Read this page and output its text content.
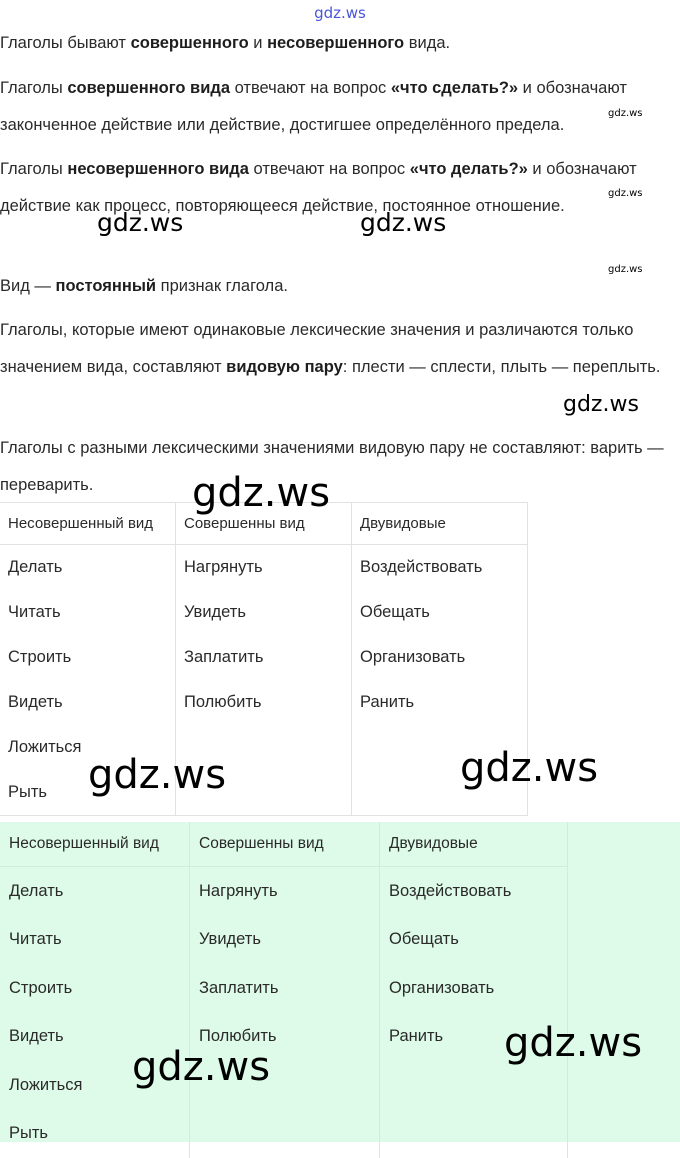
gdz.ws

Глаголы бывают совершенного и несовершенного вида.

Глаголы совершенного вида отвечают на вопрос «что сделать?» и обозначают законченное действие или действие, достигшее определённого предела.

Глаголы несовершенного вида отвечают на вопрос «что делать?» и обозначают действие как процесс, повторяющееся действие, постоянное отношение.

Вид — постоянный признак глагола.

Глаголы, которые имеют одинаковые лексические значения и различаются только значением вида, составляют видовую пару: плести — сплести, плыть — переплыть.

Глаголы с разными лексическими значениями видовую пару не составляют: варить — переварить.

Несовершенный вид	Совершенны вид	Двувидовые
Делать	Нагрянуть	Воздействовать
Читать	Увидеть	Обещать
Строить	Заплатить	Организовать
Видеть	Полюбить	Ранить
Ложиться		
Рыть		
Несовершенный вид	Совершенны вид	Двувидовые
Делать	Нагрянуть	Воздействовать
Читать	Увидеть	Обещать
Строить	Заплатить	Организовать
Видеть	Полюбить	Ранить
Ложиться		
Рыть		
gdz.ws
gdz.ws
gdz.ws
gdz.ws	gdz.ws
gdz.ws
gdz.ws
gdz.ws	gdz.ws
gdz.ws
gdz.ws
